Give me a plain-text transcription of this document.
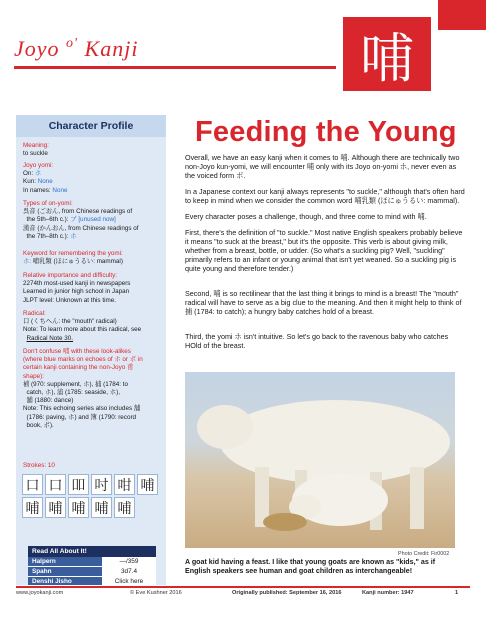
Joyo $^{o'}$ Kanji	哺
Character Profile
Meaning:
to suckle
Joyo yomi:
On: ホ
Kun: None
In names: None
Types of on-yomi:
呉音 (ごおん, from Chinese readings of
the 5th–6th c.): ブ [unused now]
漢音 (かんおん, from Chinese readings of
the 7th–8th c.): ホ
Keyword for remembering the yomi:
ホ: 哺乳類 (ほにゅうるい: mammal)
Relative importance and difficulty:
2274th most-used kanji in newspapers
Learned in junior high school in Japan
JLPT level: Unknown at this time.
Radical:
口 (くちへん: the "mouth" radical)
Note: To learn more about this radical, see
Radical Note 30.
Don't confuse 哺 with these look-alikes
(where blue marks on echoes of ホ or ボ in
certain kanji containing the non-Joyo 甫
shape):
補 (970: supplement, ホ), 捕 (1784: to
catch, ホ), 浦 (1785: seaside, ホ),
舗 (1880: dance)
Note: This echoing series also includes 舗
(1786: paving, ホ) and 簿 (1790: record
book, ボ).
Strokes: 10
口 口 吅 吋 咁 哺
哺 哺 哺 哺 哺
Read All About It!
Halpern	—/359
Spahn	3d7.4
Denshi Jisho	Click here
Feeding the Young
Overall, we have an easy kanji when it comes to 哺. Although there are technically two non-Joyo kun-yomi, we will encounter 哺 only with its Joyo on-yomi ホ, never even as the voiced form ボ.
In a Japanese context our kanji always represents "to suckle," although that's often hard to keep in mind when we consider the common word 哺乳類 (ほにゅうるい: mammal).
Every character poses a challenge, though, and three come to mind with 哺.
First, there's the definition of "to suckle." Most native English speakers probably believe it means "to suck at the breast," but it's the opposite. This verb is about giving milk, whether from a breast, bottle, or udder. (So what's a suckling pig? Well, "suckling" primarily refers to an infant or young animal that isn't yet weaned. So a suckling pig is quite young and therefore tender.)
Second, 哺 is so rectilinear that the last thing it brings to mind is a breast! The "mouth" radical will have to serve as a big clue to the meaning. And then it might help to think of 捕 (1784: to catch); a hungry baby catches hold of a breast.
Third, the yomi ホ isn't intuitive. So let's go back to the ravenous baby who catches HOld of the breast.
Photo Credit: Fir0002
A goat kid having a feast. I like that young goats are known as "kids," as if English speakers see human and goat children as interchangeable!
www.joyokanji.com	© Eve Kushner 2016	Originally published: September 16, 2016	Kanji number: 1947	1
